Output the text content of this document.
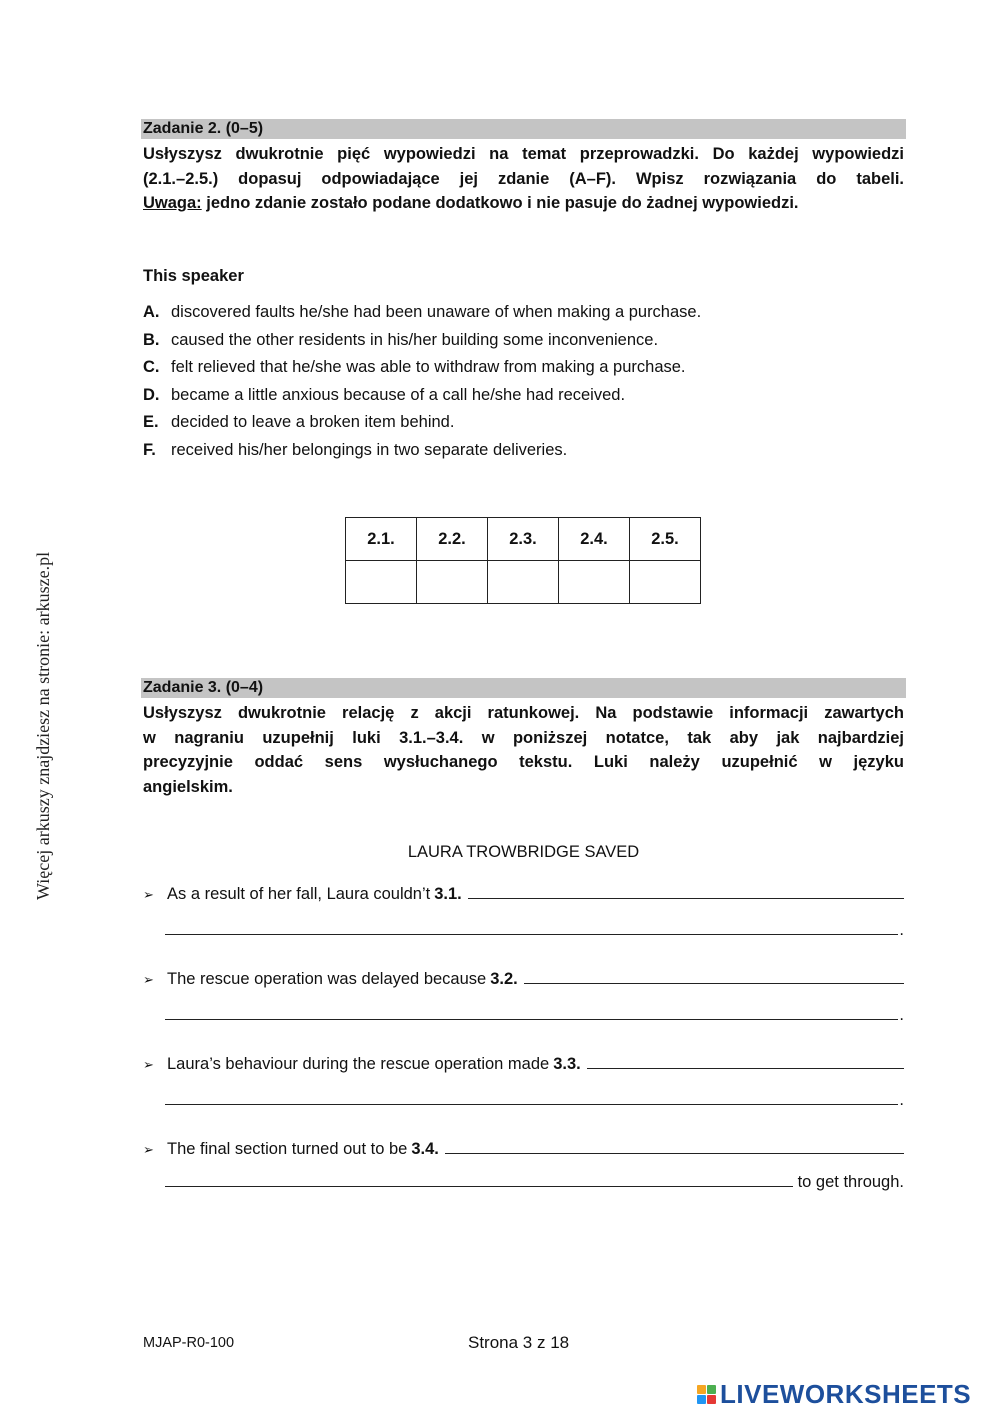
Więcej arkuszy znajdziesz na stronie: arkusze.pl
Zadanie 2. (0–5)
Usłyszysz dwukrotnie pięć wypowiedzi na temat przeprowadzki. Do każdej wypowiedzi
(2.1.–2.5.) dopasuj odpowiadające jej zdanie (A–F). Wpisz rozwiązania do tabeli.
Uwaga: jedno zdanie zostało podane dodatkowo i nie pasuje do żadnej wypowiedzi.
This speaker
A. discovered faults he/she had been unaware of when making a purchase.
B. caused the other residents in his/her building some inconvenience.
C. felt relieved that he/she was able to withdraw from making a purchase.
D. became a little anxious because of a call he/she had received.
E. decided to leave a broken item behind.
F. received his/her belongings in two separate deliveries.
2.1.	2.2.	2.3.	2.4.	2.5.

Zadanie 3. (0–4)
Usłyszysz dwukrotnie relację z akcji ratunkowej. Na podstawie informacji zawartych
w nagraniu uzupełnij luki 3.1.–3.4. w poniższej notatce, tak aby jak najbardziej
precyzyjnie oddać sens wysłuchanego tekstu. Luki należy uzupełnić w języku
angielskim.
LAURA TROWBRIDGE SAVED
➢ As a result of her fall, Laura couldn’t 3.1.
.
➢ The rescue operation was delayed because 3.2.
.
➢ Laura’s behaviour during the rescue operation made 3.3.
.
➢ The final section turned out to be 3.4.
to get through.
MJAP-R0-100	Strona 3 z 18
LIVEWORKSHEETS
